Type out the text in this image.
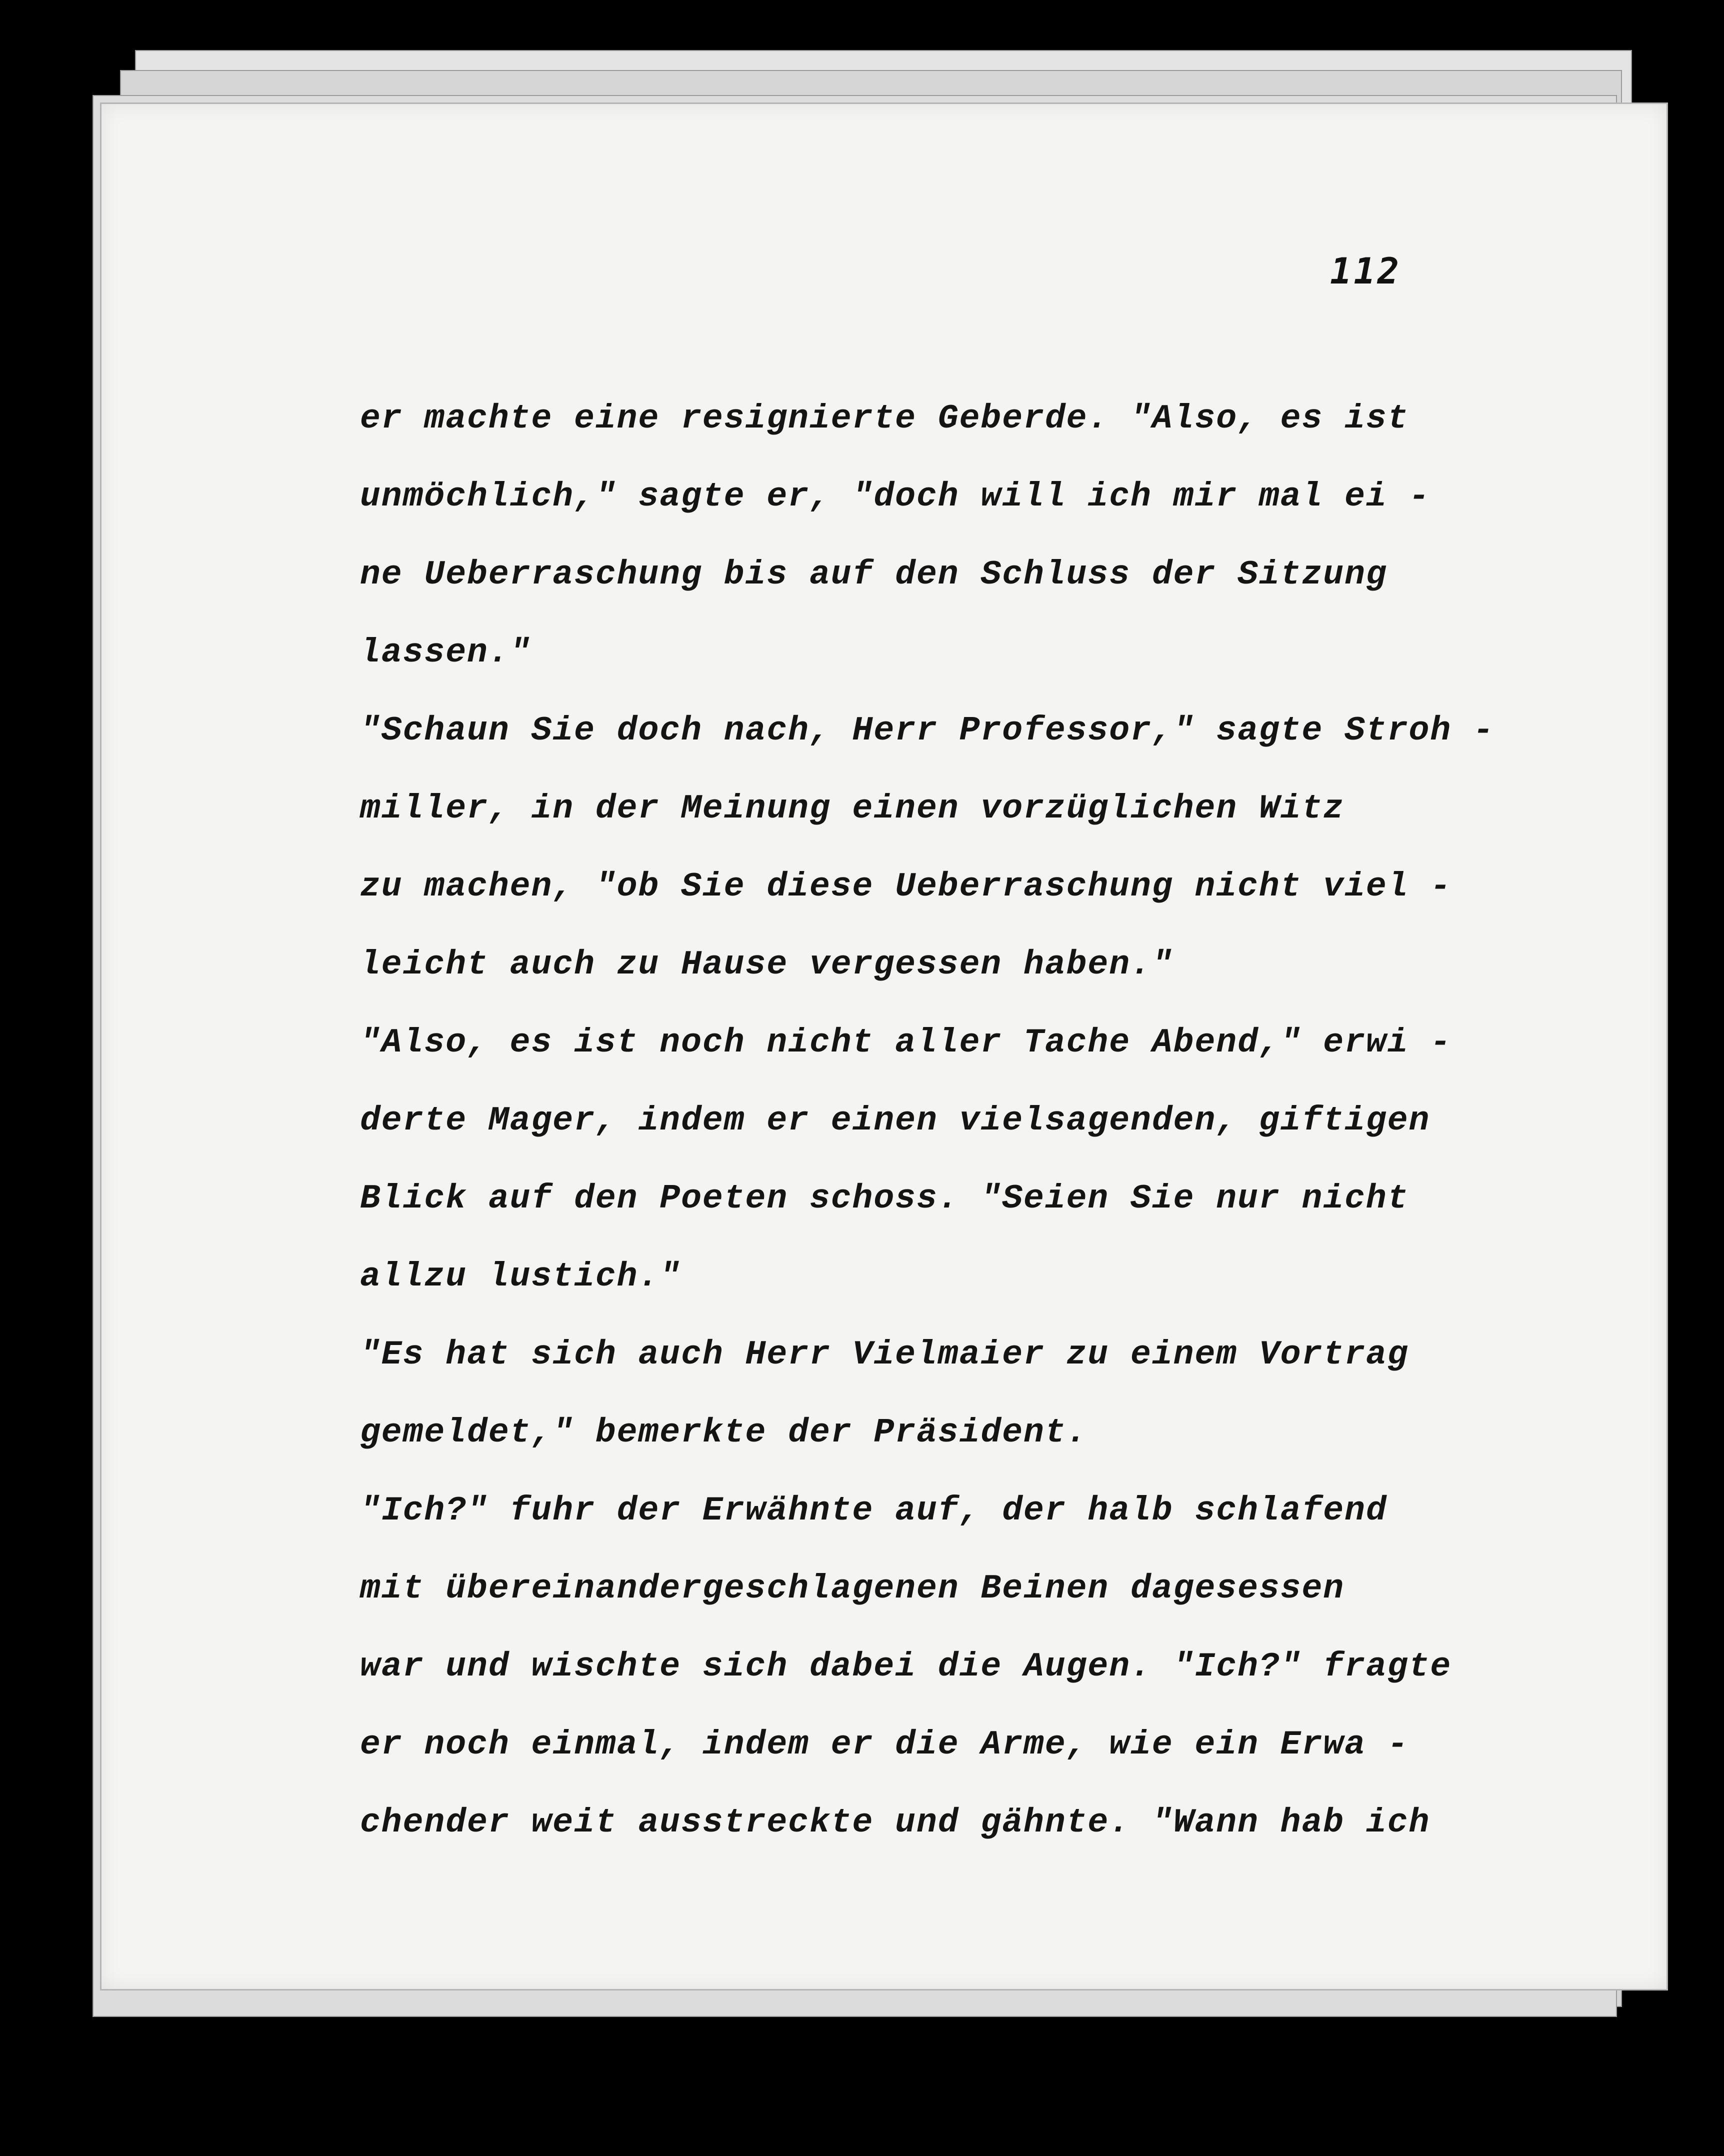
112
er machte eine resignierte Geberde. "Also, es ist
unmöchlich," sagte er, "doch will ich mir mal ei -
ne Ueberraschung bis auf den Schluss der Sitzung
lassen."
"Schaun Sie doch nach, Herr Professor," sagte Stroh -
miller, in der Meinung einen vorzüglichen Witz
zu machen, "ob Sie diese Ueberraschung nicht viel -
leicht auch zu Hause vergessen haben."
"Also, es ist noch nicht aller Tache Abend," erwi -
derte Mager, indem er einen vielsagenden, giftigen
Blick auf den Poeten schoss. "Seien Sie nur nicht
allzu lustich."
"Es hat sich auch Herr Vielmaier zu einem Vortrag
gemeldet," bemerkte der Präsident.
"Ich?" fuhr der Erwähnte auf, der halb schlafend
mit übereinandergeschlagenen Beinen dagesessen
war und wischte sich dabei die Augen. "Ich?" fragte
er noch einmal, indem er die Arme, wie ein Erwa -
chender weit ausstreckte und gähnte. "Wann hab ich
